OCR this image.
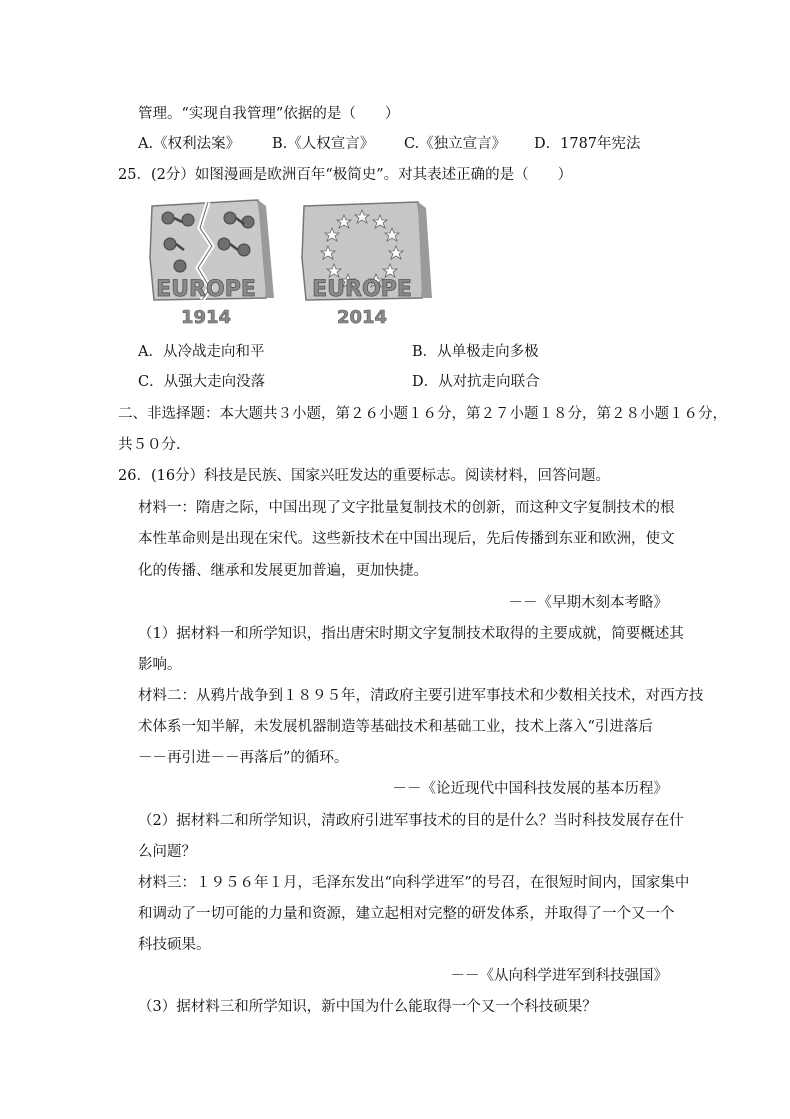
管理。“实现自我管理”依据的是（　　）
A.《权利法案》 B.《人权宣言》 C.《独立宣言》 D．1787年宪法
25．(2分）如图漫画是欧洲百年“极简史”。对其表述正确的是（　　）
EUROPE
1914
EUROPE
2014
A．从冷战走向和平	B．从单极走向多极
C．从强大走向没落	D．从对抗走向联合
二、非选择题：本大题共３小题，第２６小题１６分，第２７小题１８分，第２８小题１６分，
共５０分.
26．(16分）科技是民族、国家兴旺发达的重要标志。阅读材料，回答问题。
材料一：隋唐之际，中国出现了文字批量复制技术的创新，而这种文字复制技术的根
本性革命则是出现在宋代。这些新技术在中国出现后，先后传播到东亚和欧洲，使文
化的传播、继承和发展更加普遍，更加快捷。
－－《早期木刻本考略》
（1）据材料一和所学知识，指出唐宋时期文字复制技术取得的主要成就，简要概述其
影响。
材料二：从鸦片战争到１８９５年，清政府主要引进军事技术和少数相关技术，对西方技
术体系一知半解，未发展机器制造等基础技术和基础工业，技术上落入“引进落后
－－再引进－－再落后”的循环。
－－《论近现代中国科技发展的基本历程》
（2）据材料二和所学知识，清政府引进军事技术的目的是什么？当时科技发展存在什
么问题？
材料三：１９５６年１月，毛泽东发出“向科学进军”的号召，在很短时间内，国家集中
和调动了一切可能的力量和资源，建立起相对完整的研发体系，并取得了一个又一个
科技硕果。
－－《从向科学进军到科技强国》
（3）据材料三和所学知识，新中国为什么能取得一个又一个科技硕果？
